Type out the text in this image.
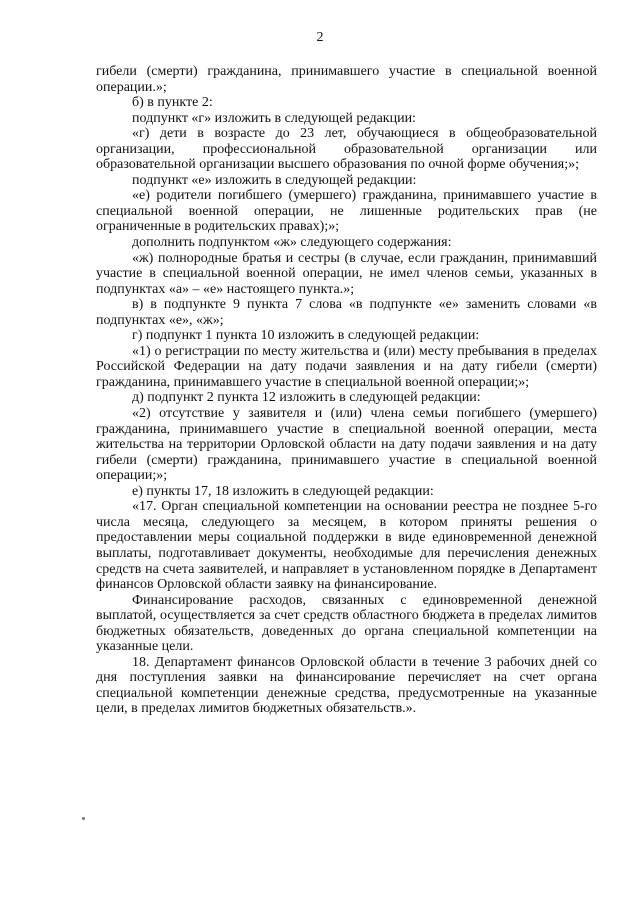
2

гибели (смерти) гражданина, принимавшего участие в специальной военной операции.»;

б) в пункте 2:

подпункт «г» изложить в следующей редакции:

«г) дети в возрасте до 23 лет, обучающиеся в общеобразовательной организации, профессиональной образовательной организации или образовательной организации высшего образования по очной форме обучения;»;

подпункт «е» изложить в следующей редакции:

«е) родители погибшего (умершего) гражданина, принимавшего участие в специальной военной операции, не лишенные родительских прав (не ограниченные в родительских правах);»;

дополнить подпунктом «ж» следующего содержания:

«ж) полнородные братья и сестры (в случае, если гражданин, принимавший участие в специальной военной операции, не имел членов семьи, указанных в подпунктах «а» – «е» настоящего пункта.»;

в) в подпункте 9 пункта 7 слова «в подпункте «е» заменить словами «в подпунктах «е», «ж»;

г) подпункт 1 пункта 10 изложить в следующей редакции:

«1) о регистрации по месту жительства и (или) месту пребывания в пределах Российской Федерации на дату подачи заявления и на дату гибели (смерти) гражданина, принимавшего участие в специальной военной операции;»;

д) подпункт 2 пункта 12 изложить в следующей редакции:

«2) отсутствие у заявителя и (или) члена семьи погибшего (умершего) гражданина, принимавшего участие в специальной военной операции, места жительства на территории Орловской области на дату подачи заявления и на дату гибели (смерти) гражданина, принимавшего участие в специальной военной операции;»;

е) пункты 17, 18 изложить в следующей редакции:

«17. Орган специальной компетенции на основании реестра не позднее 5-го числа месяца, следующего за месяцем, в котором приняты решения о предоставлении меры социальной поддержки в виде единовременной денежной выплаты, подготавливает документы, необходимые для перечисления денежных средств на счета заявителей, и направляет в установленном порядке в Департамент финансов Орловской области заявку на финансирование.

Финансирование расходов, связанных с единовременной денежной выплатой, осуществляется за счет средств областного бюджета в пределах лимитов бюджетных обязательств, доведенных до органа специальной компетенции на указанные цели.

18. Департамент финансов Орловской области в течение 3 рабочих дней со дня поступления заявки на финансирование перечисляет на счет органа специальной компетенции денежные средства, предусмотренные на указанные цели, в пределах лимитов бюджетных обязательств.».
